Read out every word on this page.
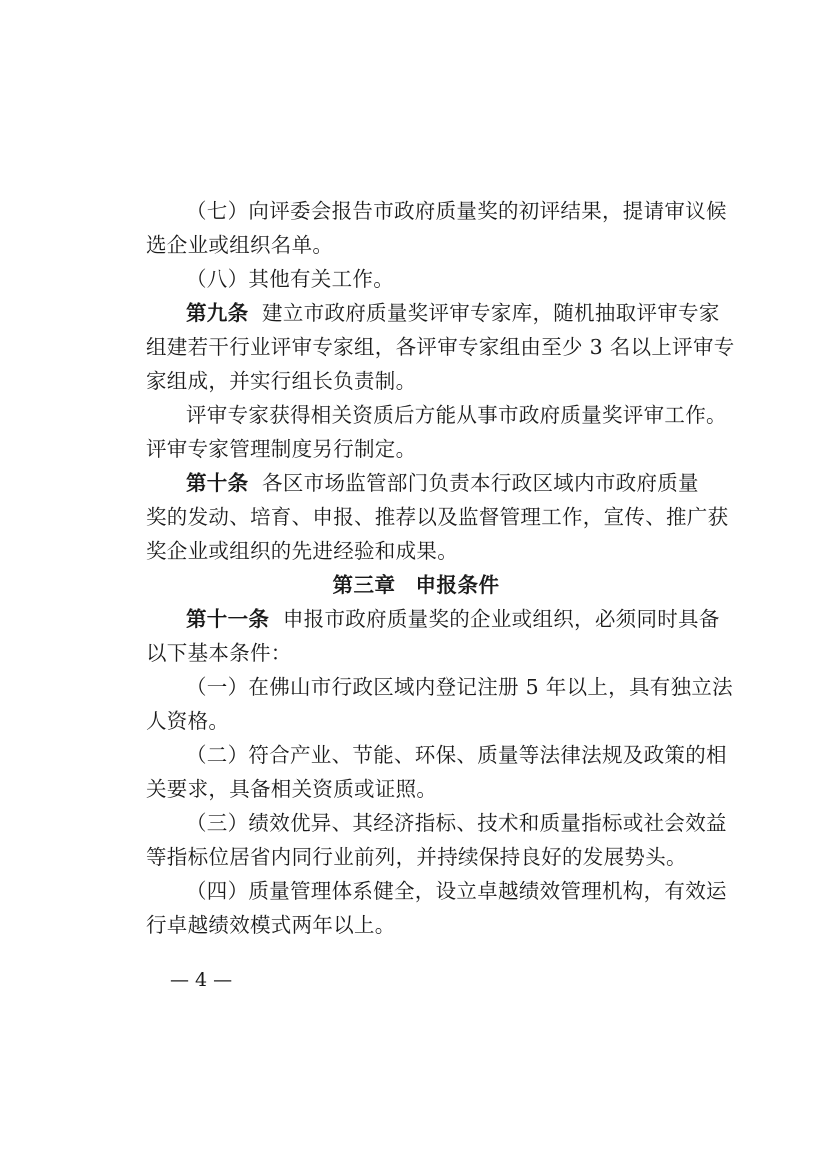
（七）向评委会报告市政府质量奖的初评结果，提请审议候
选企业或组织名单。
（八）其他有关工作。
第九条 建立市政府质量奖评审专家库，随机抽取评审专家
组建若干行业评审专家组，各评审专家组由至少 3 名以上评审专
家组成，并实行组长负责制。
评审专家获得相关资质后方能从事市政府质量奖评审工作。
评审专家管理制度另行制定。
第十条 各区市场监管部门负责本行政区域内市政府质量
奖的发动、培育、申报、推荐以及监督管理工作，宣传、推广获
奖企业或组织的先进经验和成果。
第三章 申报条件
第十一条 申报市政府质量奖的企业或组织，必须同时具备
以下基本条件：
（一）在佛山市行政区域内登记注册 5 年以上，具有独立法
人资格。
（二）符合产业、节能、环保、质量等法律法规及政策的相
关要求，具备相关资质或证照。
（三）绩效优异、其经济指标、技术和质量指标或社会效益
等指标位居省内同行业前列，并持续保持良好的发展势头。
（四）质量管理体系健全，设立卓越绩效管理机构，有效运
行卓越绩效模式两年以上。
— 4 —
